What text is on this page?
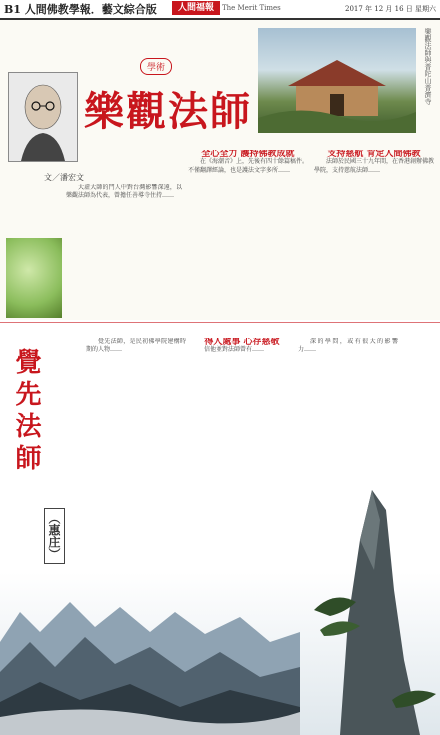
B1 人間佛教學報．藝文綜合版	人間福報	The Merit Times	2017 年 12 月 16 日 星期六
學術
樂觀法師
樂觀法師與普陀山普濟寺
文／潘宏文

大虛大師的門人中對台灣影響深遠，以樂觀法師為代表，曾擔任善導寺住持……

全心全力 護持佛教成就

在《海潮音》上，先後有四十餘篇稿件。不僅翻譯經論，也是護法文字多所……

支持慈航 肯定人間佛教

法師於民國三十九年間，在香港創辦佛教學院，支持慈航法師……

覺先法師
（惠庄）

覺先法師，是民初佛學院建構時期的人物……

得人處事 心存慈敬

信他並對法師曾有……

深的學問，或有很大的影響力……
